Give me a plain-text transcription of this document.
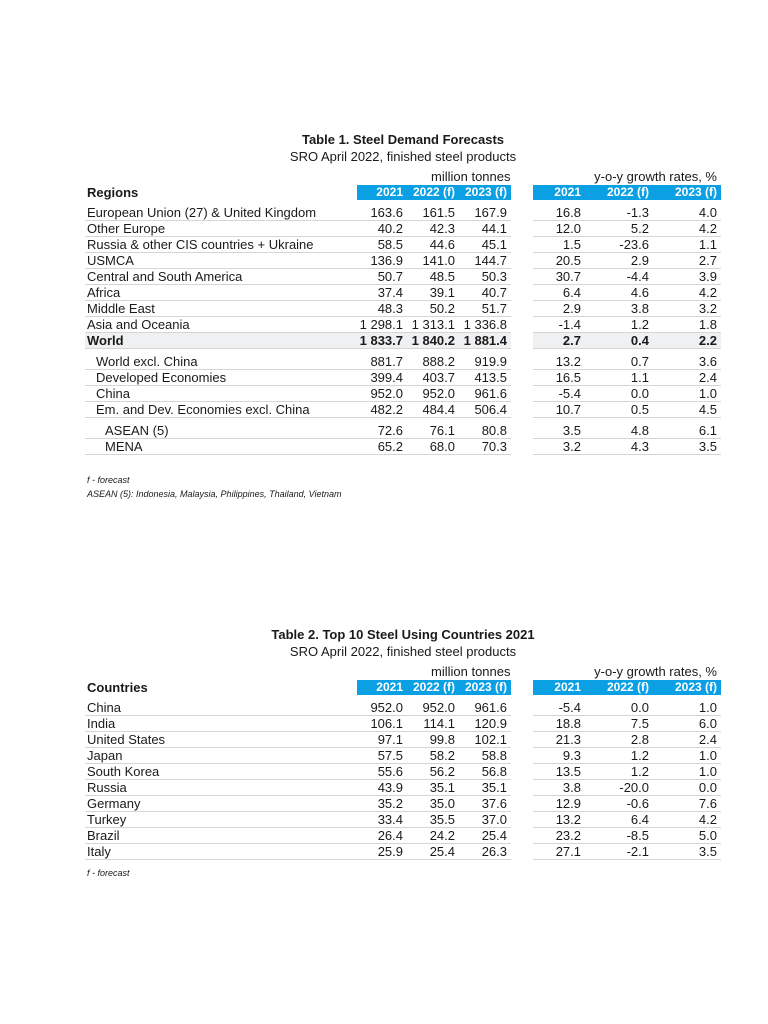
Table 1. Steel Demand Forecasts
SRO April 2022, finished steel products
million tonnes	y-o-y growth rates, %
Regions	2021	2022 (f)	2023 (f)		2021	2022 (f)	2023 (f)

European Union (27) & United Kingdom	163.6	161.5	167.9		16.8	-1.3	4.0
Other Europe	40.2	42.3	44.1		12.0	5.2	4.2
Russia & other CIS countries + Ukraine	58.5	44.6	45.1		1.5	-23.6	1.1
USMCA	136.9	141.0	144.7		20.5	2.9	2.7
Central and South America	50.7	48.5	50.3		30.7	-4.4	3.9
Africa	37.4	39.1	40.7		6.4	4.6	4.2
Middle East	48.3	50.2	51.7		2.9	3.8	3.2
Asia and Oceania	1 298.1	1 313.1	1 336.8		-1.4	1.2	1.8
World	1 833.7	1 840.2	1 881.4		2.7	0.4	2.2

World excl. China	881.7	888.2	919.9		13.2	0.7	3.6
Developed Economies	399.4	403.7	413.5		16.5	1.1	2.4
China	952.0	952.0	961.6		-5.4	0.0	1.0
Em. and Dev. Economies excl. China	482.2	484.4	506.4		10.7	0.5	4.5

ASEAN (5)	72.6	76.1	80.8		3.5	4.8	6.1
MENA	65.2	68.0	70.3		3.2	4.3	3.5
f - forecast
ASEAN (5): Indonesia, Malaysia, Philippines, Thailand, Vietnam
Table 2. Top 10 Steel Using Countries 2021
SRO April 2022, finished steel products
million tonnes	y-o-y growth rates, %
Countries	2021	2022 (f)	2023 (f)		2021	2022 (f)	2023 (f)

China	952.0	952.0	961.6		-5.4	0.0	1.0
India	106.1	114.1	120.9		18.8	7.5	6.0
United States	97.1	99.8	102.1		21.3	2.8	2.4
Japan	57.5	58.2	58.8		9.3	1.2	1.0
South Korea	55.6	56.2	56.8		13.5	1.2	1.0
Russia	43.9	35.1	35.1		3.8	-20.0	0.0
Germany	35.2	35.0	37.6		12.9	-0.6	7.6
Turkey	33.4	35.5	37.0		13.2	6.4	4.2
Brazil	26.4	24.2	25.4		23.2	-8.5	5.0
Italy	25.9	25.4	26.3		27.1	-2.1	3.5
f - forecast
